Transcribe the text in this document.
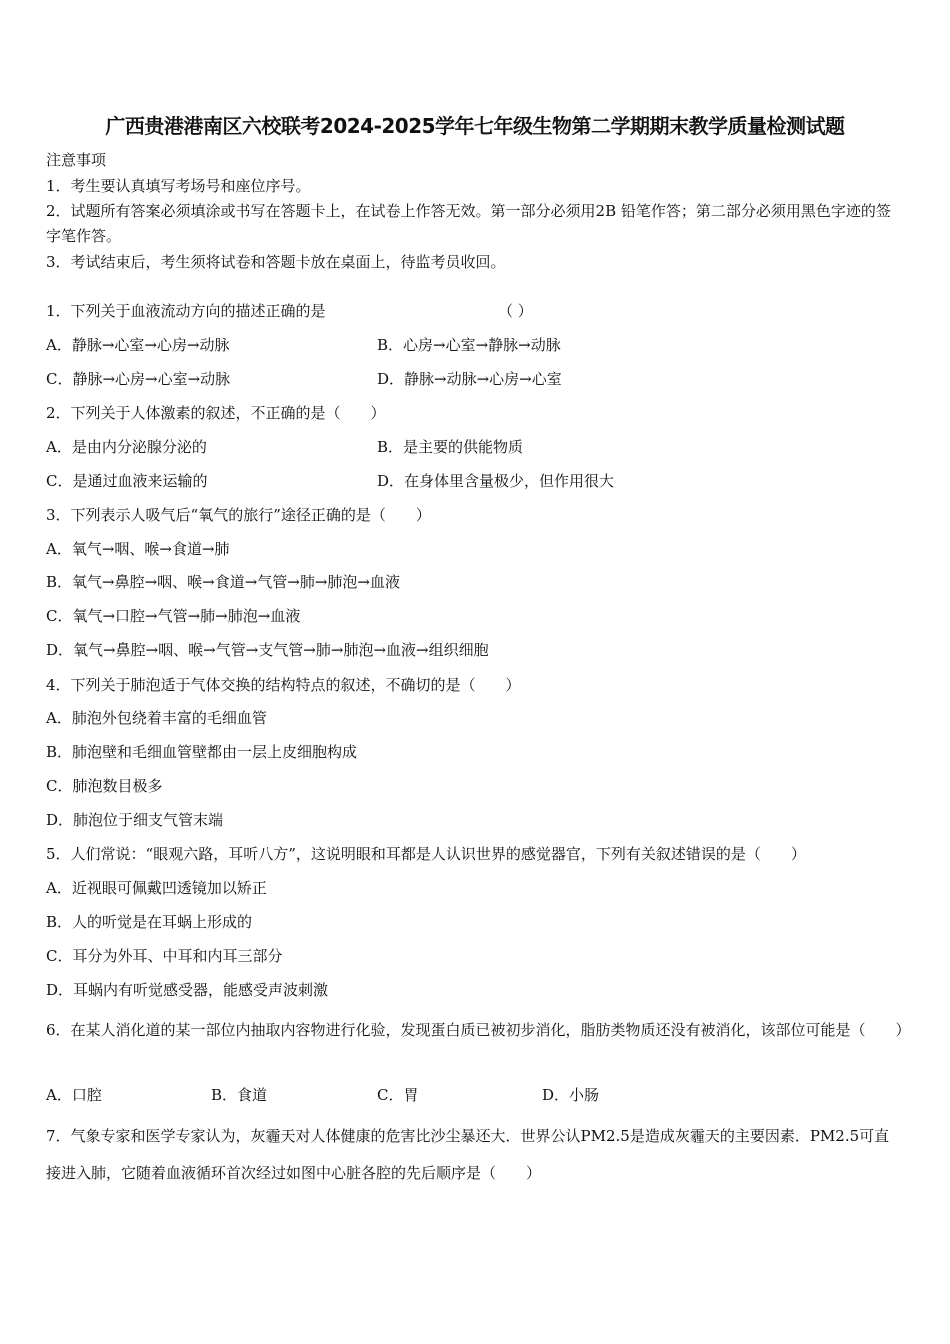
广西贵港港南区六校联考2024-2025学年七年级生物第二学期期末教学质量检测试题
注意事项
1．考生要认真填写考场号和座位序号。
2．试题所有答案必须填涂或书写在答题卡上，在试卷上作答无效。第一部分必须用2B 铅笔作答；第二部分必须用黑色字迹的签字笔作答。
3．考试结束后，考生须将试卷和答题卡放在桌面上，待监考员收回。
1．下列关于血液流动方向的描述正确的是	（ ）
A．静脉→心室→心房→动脉	B．心房→心室→静脉→动脉
C．静脉→心房→心室→动脉	D．静脉→动脉→心房→心室
2．下列关于人体激素的叙述，不正确的是（　　）
A．是由内分泌腺分泌的	B．是主要的供能物质
C．是通过血液来运输的	D．在身体里含量极少，但作用很大
3．下列表示人吸气后“氧气的旅行”途径正确的是（　　）
A．氧气→咽、喉→食道→肺
B．氧气→鼻腔→咽、喉→食道→气管→肺→肺泡→血液
C．氧气→口腔→气管→肺→肺泡→血液
D．氧气→鼻腔→咽、喉→气管→支气管→肺→肺泡→血液→组织细胞
4．下列关于肺泡适于气体交换的结构特点的叙述，不确切的是（　　）
A．肺泡外包绕着丰富的毛细血管
B．肺泡壁和毛细血管壁都由一层上皮细胞构成
C．肺泡数目极多
D．肺泡位于细支气管末端
5．人们常说：“眼观六路，耳听八方”，这说明眼和耳都是人认识世界的感觉器官，下列有关叙述错误的是（　　）
A．近视眼可佩戴凹透镜加以矫正
B．人的听觉是在耳蜗上形成的
C．耳分为外耳、中耳和内耳三部分
D．耳蜗内有听觉感受器，能感受声波刺激
6．在某人消化道的某一部位内抽取内容物进行化验，发现蛋白质已被初步消化，脂肪类物质还没有被消化，该部位可能是（　　）
A．口腔	B．食道	C．胃	D．小肠
7．气象专家和医学专家认为，灰霾天对人体健康的危害比沙尘暴还大．世界公认PM2.5是造成灰霾天的主要因素．PM2.5可直接进入肺，它随着血液循环首次经过如图中心脏各腔的先后顺序是（　　）
